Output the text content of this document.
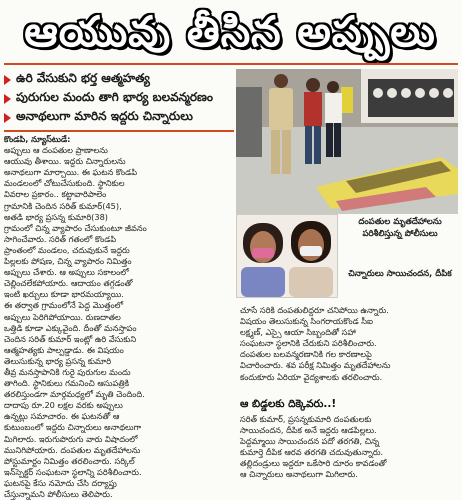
ఆయువు తీసిన అప్పులు
ఉరి వేసుకుని భర్త ఆత్మహత్య
పురుగుల మందు తాగి భార్య బలవన్మరణం
అనాథలుగా మారిన ఇద్దరు చిన్నారులు
కొండపి, న్యూస్‌టుడే:
అప్పులు ఆ దంపతుల ప్రాణాలను
ఆయువు తీశాయి. ఇద్దరు చిన్నారులను
అనాథలుగా మార్చాయి. ఈ ఘటన కొండపి
మండలంలో చోటుచేసుకుంది. స్థానికుల
వివరాల ప్రకారం.. కట్టావారిపాలెం
గ్రామానికి చెందిన సరిత్ కుమార్(45),
అతడి భార్య ప్రసన్న కుమారి(38)
గ్రామంలో చిన్న వ్యాపారం చేసుకుంటూ జీవనం
సాగించేవారు. సరిత్ గతంలో కొండపి
ప్రాంతంలో మండలం, చదువుకునే ఇద్దరు
పిల్లలకు పోషణ, చిన్న వ్యాపారం నిమిత్తం
అప్పులు చేశారు. ఆ అప్పులు సకాలంలో
చెల్లించలేకపోయారు. ఆదాయం తగ్గడంతో
ఇంటి ఖర్చులు కూడా భారమయ్యాయి.
ఈ తర్వాత గ్రామంలోనే పెద్ద మొత్తంలో
అప్పులు పెరిగిపోయాయి. రుణదాతల
ఒత్తిడి కూడా ఎక్కువైంది. దీంతో మనస్తాపం
చెందిన సరిత్ కుమార్ ఇంట్లో ఉరి వేసుకుని
ఆత్మహత్యకు పాల్పడ్డాడు. ఈ విషయం
తెలుసుకున్న భార్య ప్రసన్న కుమారి
తీవ్ర మనస్తాపానికి గురై పురుగుల మందు
తాగింది. స్థానికులు గమనించి ఆసుపత్రికి
తరలిస్తుండగా మార్గమధ్యలో మృతి చెందింది.
దాదాపు రూ.20 లక్షల వరకు అప్పులు
ఉన్నట్లు సమాచారం. ఈ ఘటనతో ఆ
కుటుంబంలో ఇద్దరు చిన్నారులు అనాథలుగా
మిగిలారు. ఇరుగుపొరుగు వారు విషాదంలో
మునిగిపోయారు. దంపతుల మృతదేహాలను
పోస్టుమార్టం నిమిత్తం తరలించారు. సర్కిల్
ఇన్‌స్పెక్టర్ సంఘటనా స్థలాన్ని పరిశీలించారు.
ఘటనపై కేసు నమోదు చేసి దర్యాప్తు
చేస్తున్నామని పోలీసులు తెలిపారు.
దంపతుల మృతదేహాలను పరిశీలిస్తున్న పోలీసులు
చిన్నారులు సాయిచందన, దీపిక
చూసే సరికి దంపతులిద్దరూ చనిపోయి ఉన్నారు.
విషయం తెలుసుకున్న సింగరాయకొండ సీఐ
లక్ష్మణ్, ఎస్సై ఆయా సిబ్బందితో సహా
సంఘటనా స్థలానికి చేరుకుని పరిశీలించారు.
దంపతుల బలవన్మరణానికి గల కారణాలపై
విచారించారు. శవ పరీక్ష నిమిత్తం మృతదేహాలను
కందుకూరు ఏరియా వైద్యశాలకు తరలించారు.
ఆ బిడ్డలకు దిక్కెవరు..!
సరిత్ కుమార్, ప్రసన్నకుమారి దంపతులకు
సాయిచందన, దీపిక అనే ఇద్దరు ఆడపిల్లలు.
పెద్దమ్మాయి సాయిచందన పదో తరగతి, చిన్న
కుమార్తె దీపిక ఆరవ తరగతి చదువుతున్నారు.
తల్లిదండ్రులు ఇద్దరూ ఒకేసారి దూరం కావడంతో
ఆ చిన్నారులు అనాథలుగా మిగిలారు.
